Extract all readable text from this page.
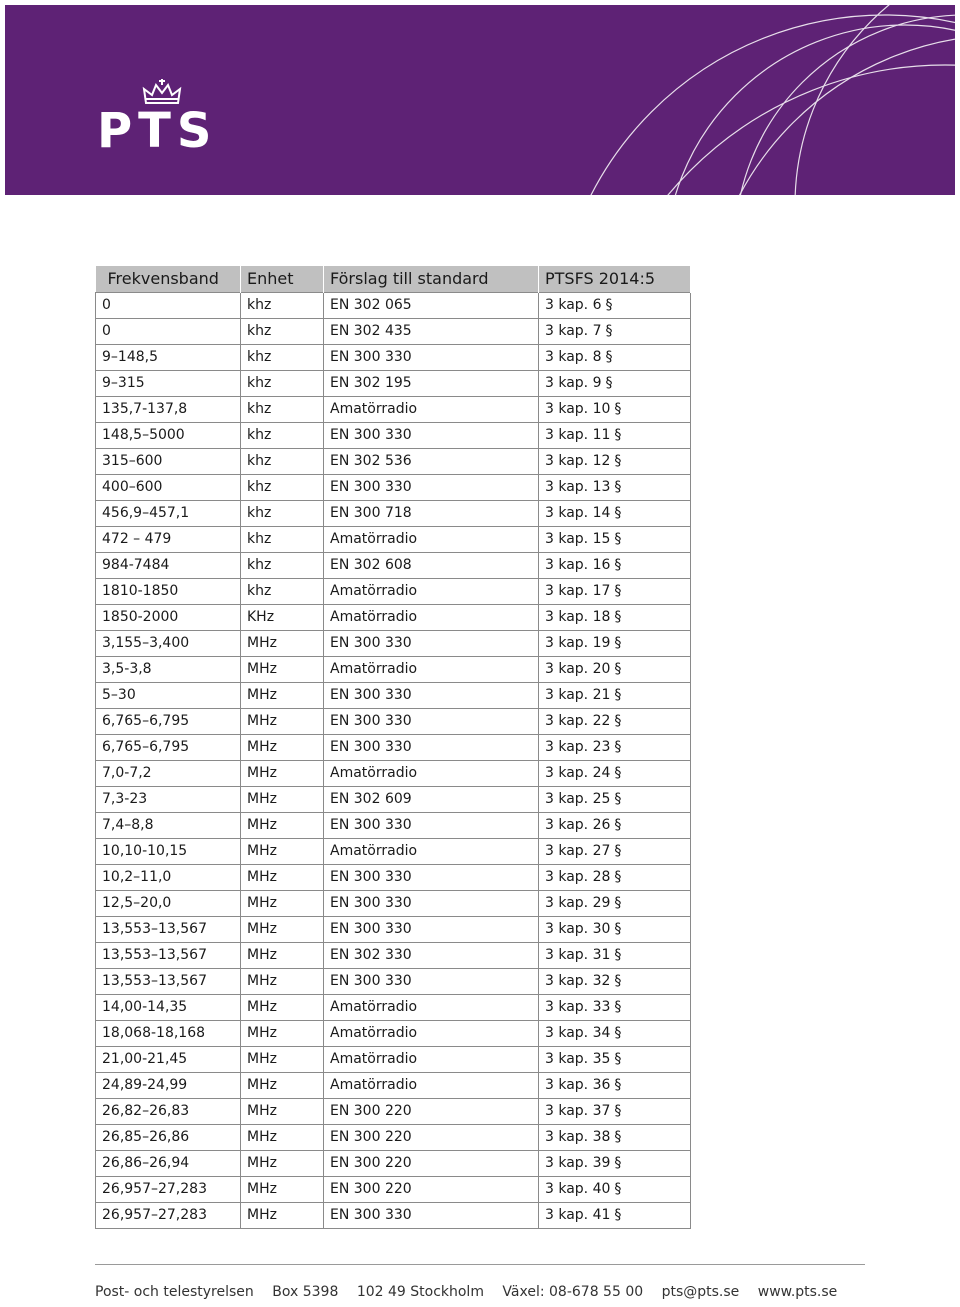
PTS
Frekvensband	Enhet	Förslag till standard	PTSFS 2014:5
0	khz	EN 302 065	3 kap. 6 §
0	khz	EN 302 435	3 kap. 7 §
9–148,5	khz	EN 300 330	3 kap. 8 §
9–315	khz	EN 302 195	3 kap. 9 §
135,7-137,8	khz	Amatörradio	3 kap. 10 §
148,5–5000	khz	EN 300 330	3 kap. 11 §
315–600	khz	EN 302 536	3 kap. 12 §
400–600	khz	EN 300 330	3 kap. 13 §
456,9–457,1	khz	EN 300 718	3 kap. 14 §
472 – 479	khz	Amatörradio	3 kap. 15 §
984-7484	khz	EN 302 608	3 kap. 16 §
1810-1850	khz	Amatörradio	3 kap. 17 §
1850-2000	KHz	Amatörradio	3 kap. 18 §
3,155–3,400	MHz	EN 300 330	3 kap. 19 §
3,5-3,8	MHz	Amatörradio	3 kap. 20 §
5–30	MHz	EN 300 330	3 kap. 21 §
6,765–6,795	MHz	EN 300 330	3 kap. 22 §
6,765–6,795	MHz	EN 300 330	3 kap. 23 §
7,0-7,2	MHz	Amatörradio	3 kap. 24 §
7,3-23	MHz	EN 302 609	3 kap. 25 §
7,4–8,8	MHz	EN 300 330	3 kap. 26 §
10,10-10,15	MHz	Amatörradio	3 kap. 27 §
10,2–11,0	MHz	EN 300 330	3 kap. 28 §
12,5–20,0	MHz	EN 300 330	3 kap. 29 §
13,553–13,567	MHz	EN 300 330	3 kap. 30 §
13,553–13,567	MHz	EN 302 330	3 kap. 31 §
13,553–13,567	MHz	EN 300 330	3 kap. 32 §
14,00-14,35	MHz	Amatörradio	3 kap. 33 §
18,068-18,168	MHz	Amatörradio	3 kap. 34 §
21,00-21,45	MHz	Amatörradio	3 kap. 35 §
24,89-24,99	MHz	Amatörradio	3 kap. 36 §
26,82–26,83	MHz	EN 300 220	3 kap. 37 §
26,85–26,86	MHz	EN 300 220	3 kap. 38 §
26,86–26,94	MHz	EN 300 220	3 kap. 39 §
26,957–27,283	MHz	EN 300 220	3 kap. 40 §
26,957–27,283	MHz	EN 300 330	3 kap. 41 §
Post- och telestyrelsen Box 5398 102 49 Stockholm Växel: 08-678 55 00 pts@pts.se www.pts.se
